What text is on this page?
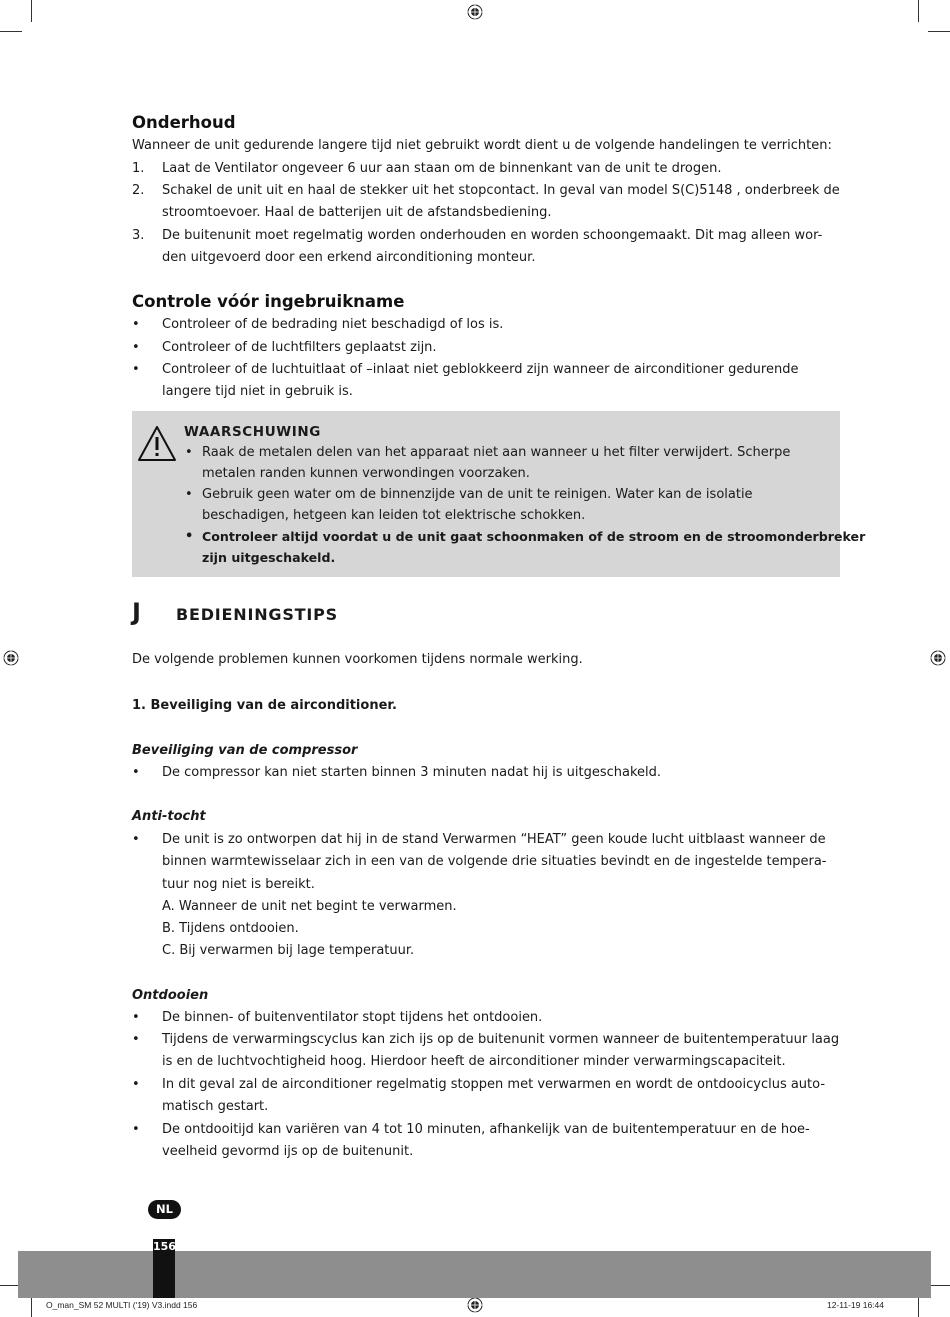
Onderhoud
Wanneer de unit gedurende langere tijd niet gebruikt wordt dient u de volgende handelingen te verrichten:
1. Laat de Ventilator ongeveer 6 uur aan staan om de binnenkant van de unit te drogen.
2. Schakel de unit uit en haal de stekker uit het stopcontact. In geval van model S(C)5148 , onderbreek de
stroomtoevoer. Haal de batterijen uit de afstandsbediening.
3. De buitenunit moet regelmatig worden onderhouden en worden schoongemaakt. Dit mag alleen wor-
den uitgevoerd door een erkend airconditioning monteur.
Controle vóór ingebruikname
• Controleer of de bedrading niet beschadigd of los is.
• Controleer of de luchtfilters geplaatst zijn.
• Controleer of de luchtuitlaat of –inlaat niet geblokkeerd zijn wanneer de airconditioner gedurende
langere tijd niet in gebruik is.
De volgende problemen kunnen voorkomen tijdens normale werking.
1. Beveiliging van de airconditioner.
Beveiliging van de compressor
• De compressor kan niet starten binnen 3 minuten nadat hij is uitgeschakeld.
Anti-tocht
• De unit is zo ontworpen dat hij in de stand Verwarmen “HEAT” geen koude lucht uitblaast wanneer de
binnen warmtewisselaar zich in een van de volgende drie situaties bevindt en de ingestelde tempera-
tuur nog niet is bereikt.
A. Wanneer de unit net begint te verwarmen.
B. Tijdens ontdooien.
C. Bij verwarmen bij lage temperatuur.
Ontdooien
• De binnen- of buitenventilator stopt tijdens het ontdooien.
• Tijdens de verwarmingscyclus kan zich ijs op de buitenunit vormen wanneer de buitentemperatuur laag
is en de luchtvochtigheid hoog. Hierdoor heeft de airconditioner minder verwarmingscapaciteit.
• In dit geval zal de airconditioner regelmatig stoppen met verwarmen en wordt de ontdooicyclus auto-
matisch gestart.
• De ontdooitijd kan variëren van 4 tot 10 minuten, afhankelijk van de buitentemperatuur en de hoe-
veelheid gevormd ijs op de buitenunit.
WAARSCHUWING
• Raak de metalen delen van het apparaat niet aan wanneer u het filter verwijdert. Scherpe
metalen randen kunnen verwondingen voorzaken.
• Gebruik geen water om de binnenzijde van de unit te reinigen. Water kan de isolatie
beschadigen, hetgeen kan leiden tot elektrische schokken.
• Controleer altijd voordat u de unit gaat schoonmaken of de stroom en de stroomonderbreker
zijn uitgeschakeld.
J BEDIENINGSTIPS
NL
156
O_man_SM 52 MULTI ('19) V3.indd 156	12-11-19 16:44
